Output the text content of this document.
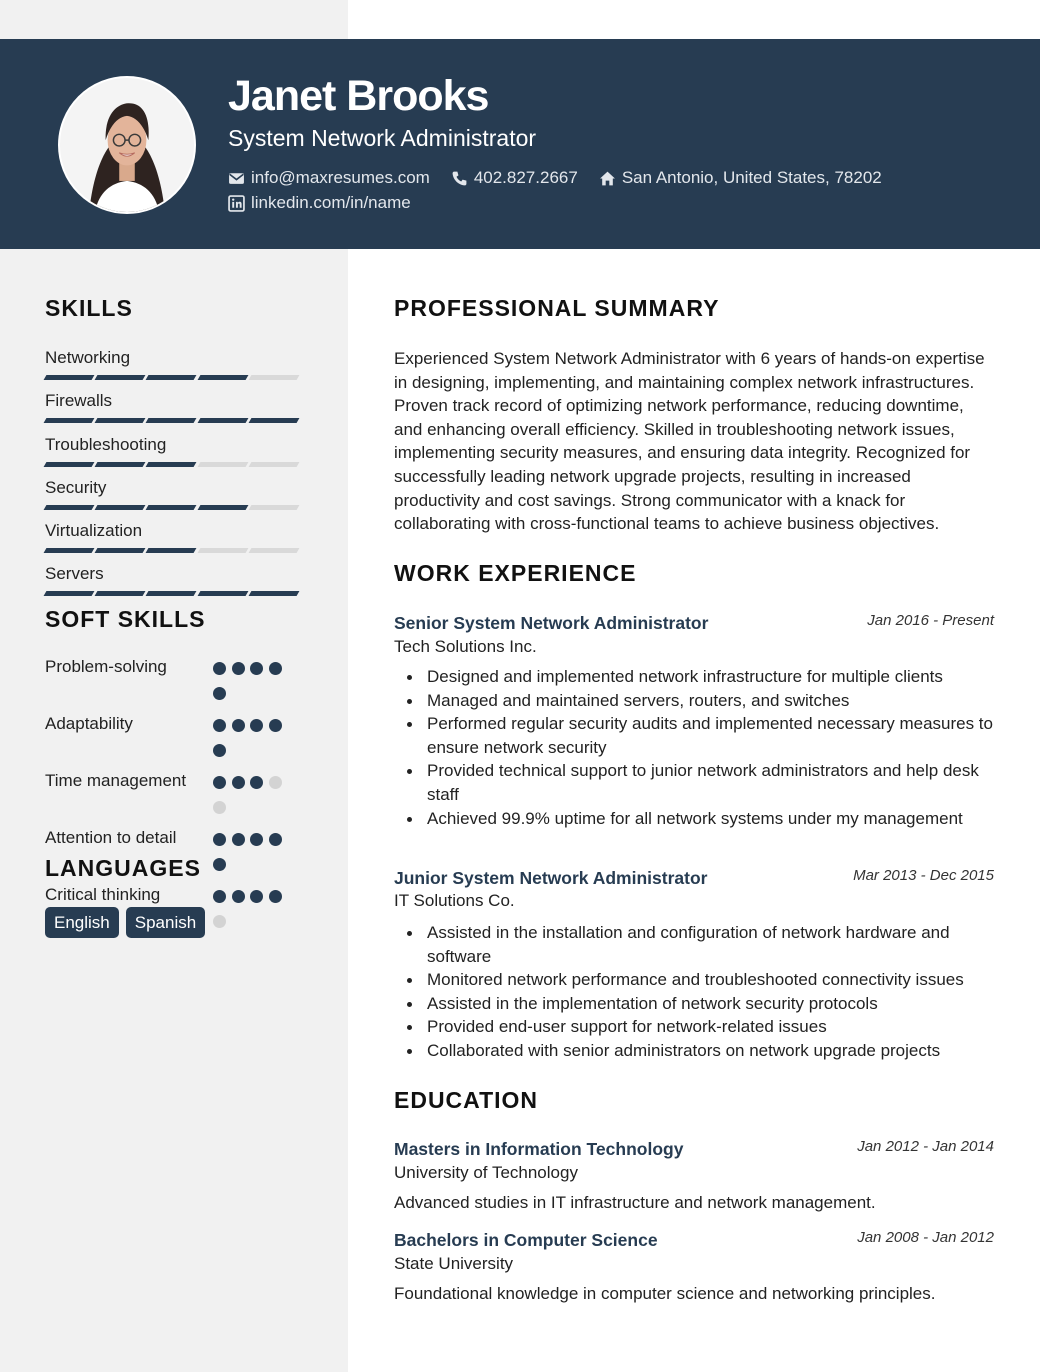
Janet Brooks
System Network Administrator
info@maxresumes.com	402.827.2667	San Antonio, United States, 78202
linkedin.com/in/name
SKILLS
Networking
Firewalls
Troubleshooting
Security
Virtualization
Servers
SOFT SKILLS
Problem-solving
Adaptability
Time management
Attention to detail
Critical thinking
LANGUAGES
English	Spanish
PROFESSIONAL SUMMARY
Experienced System Network Administrator with 6 years of hands-on expertise in designing, implementing, and maintaining complex network infrastructures. Proven track record of optimizing network performance, reducing downtime, and enhancing overall efficiency. Skilled in troubleshooting network issues, implementing security measures, and ensuring data integrity. Recognized for successfully leading network upgrade projects, resulting in increased productivity and cost savings. Strong communicator with a knack for collaborating with cross-functional teams to achieve business objectives.
WORK EXPERIENCE
Senior System Network Administrator	Jan 2016 - Present
Tech Solutions Inc.
Designed and implemented network infrastructure for multiple clients
Managed and maintained servers, routers, and switches
Performed regular security audits and implemented necessary measures to ensure network security
Provided technical support to junior network administrators and help desk staff
Achieved 99.9% uptime for all network systems under my management
Junior System Network Administrator	Mar 2013 - Dec 2015
IT Solutions Co.
Assisted in the installation and configuration of network hardware and software
Monitored network performance and troubleshooted connectivity issues
Assisted in the implementation of network security protocols
Provided end-user support for network-related issues
Collaborated with senior administrators on network upgrade projects
EDUCATION
Masters in Information Technology	Jan 2012 - Jan 2014
University of Technology
Advanced studies in IT infrastructure and network management.
Bachelors in Computer Science	Jan 2008 - Jan 2012
State University
Foundational knowledge in computer science and networking principles.
